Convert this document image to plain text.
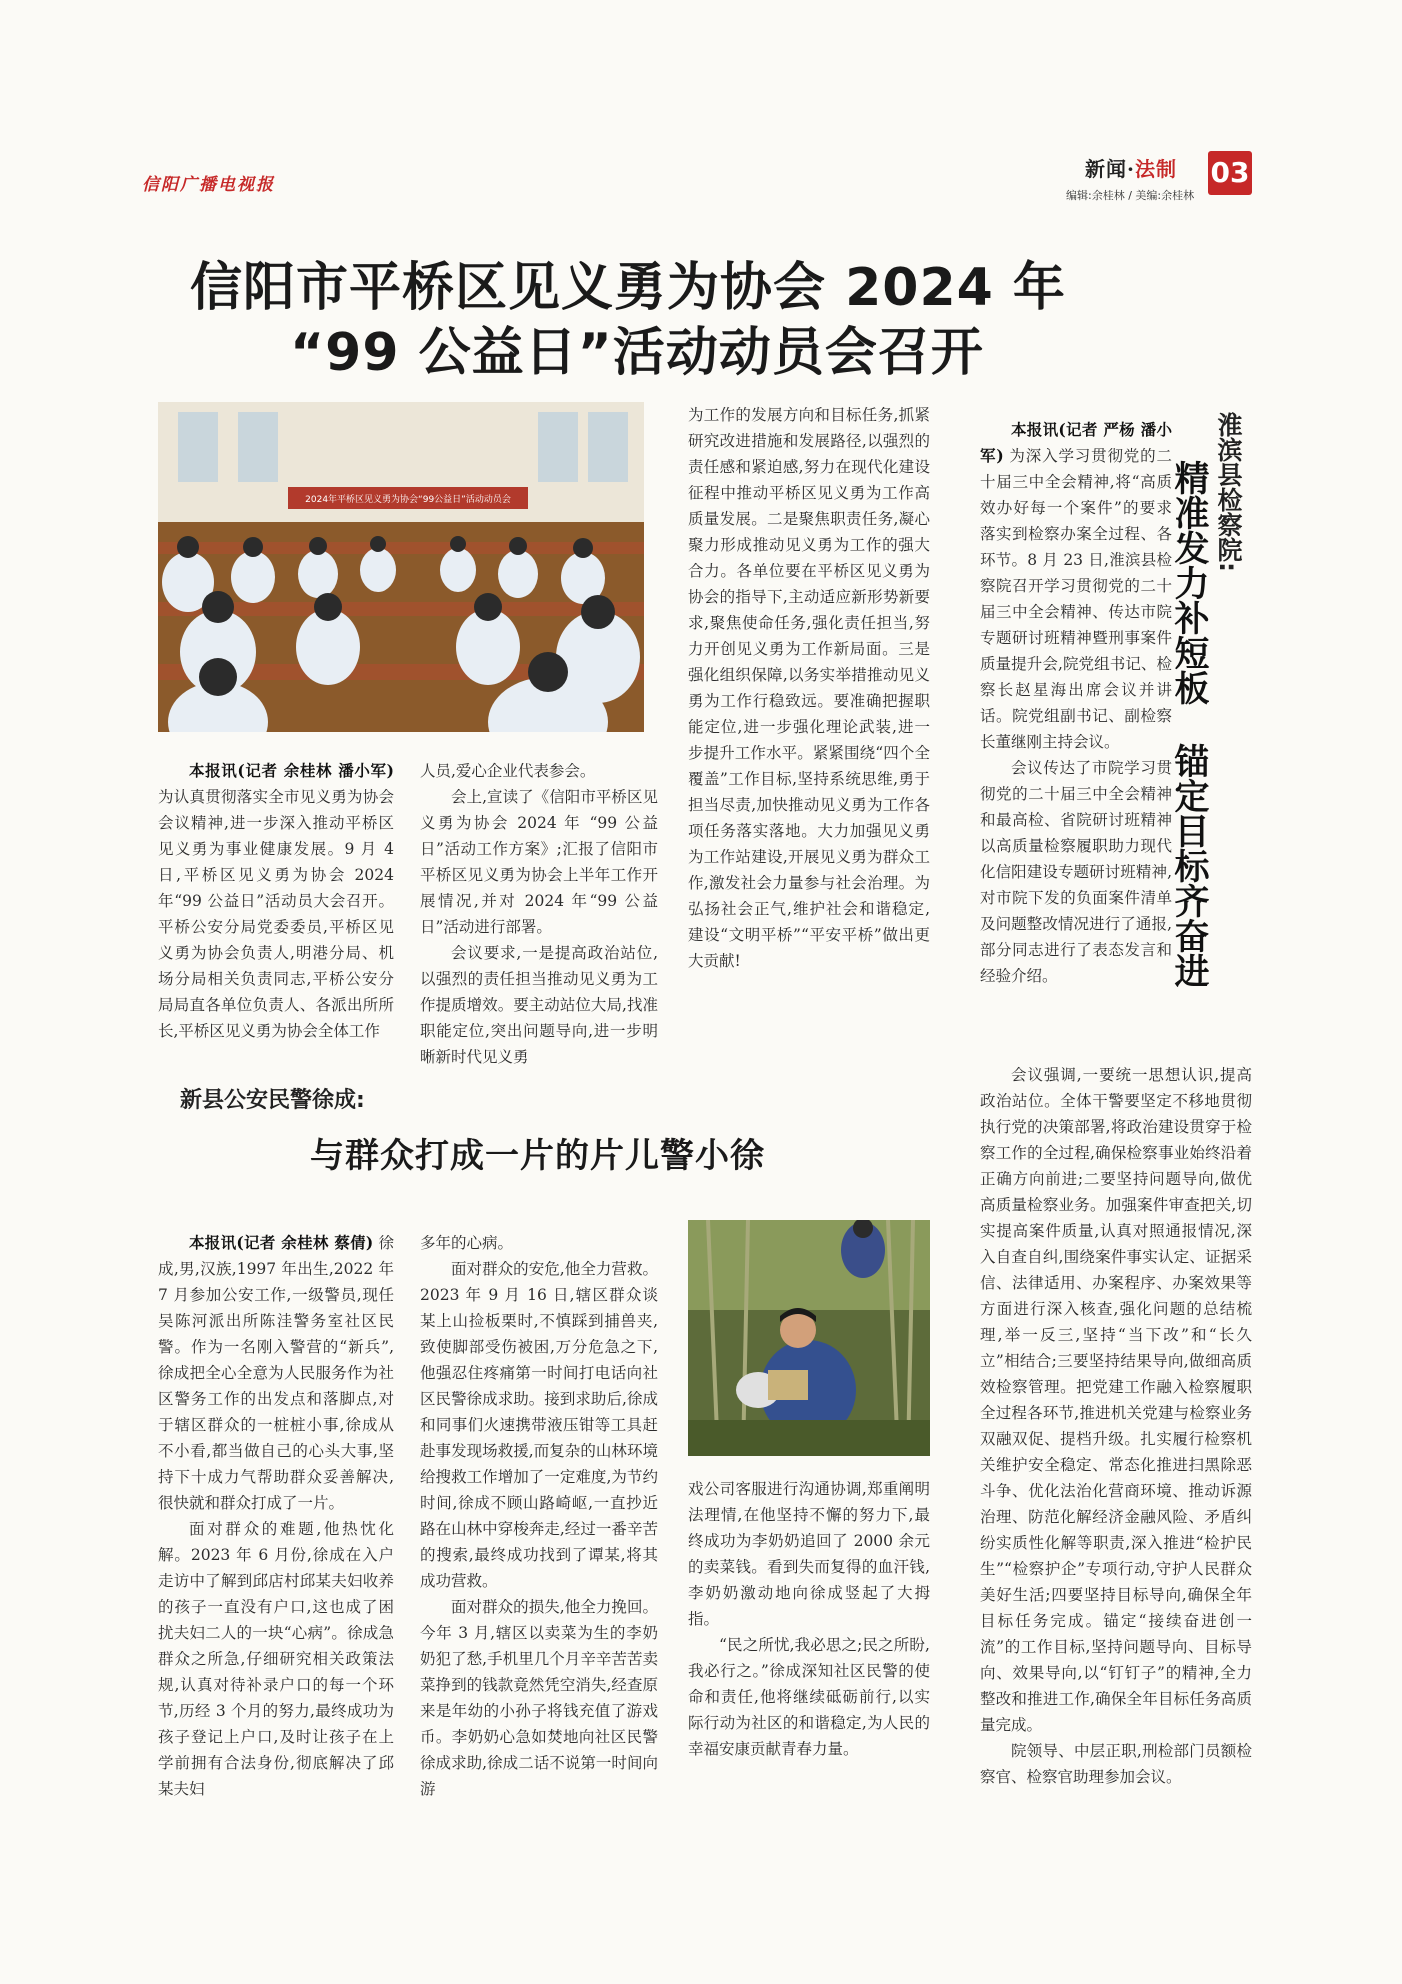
信阳广播电视报
新闻·法制 03
编辑:余桂林 / 美编:余桂林
信阳市平桥区见义勇为协会 2024 年
“99 公益日”活动动员会召开
2024年平桥区见义勇为协会“99公益日”活动动员会

本报讯(记者 余桂林 潘小军) 为认真贯彻落实全市见义勇为协会会议精神,进一步深入推动平桥区见义勇为事业健康发展。9 月 4 日,平桥区见义勇为协会 2024 年“99 公益日”活动员大会召开。平桥公安分局党委委员,平桥区见义勇为协会负责人,明港分局、机场分局相关负责同志,平桥公安分局局直各单位负责人、各派出所所长,平桥区见义勇为协会全体工作

人员,爱心企业代表参会。

会上,宣读了《信阳市平桥区见义勇为协会 2024 年 “99 公益日”活动工作方案》;汇报了信阳市平桥区见义勇为协会上半年工作开展情况,并对 2024 年“99 公益日”活动进行部署。

会议要求,一是提高政治站位,以强烈的责任担当推动见义勇为工作提质增效。要主动站位大局,找准职能定位,突出问题导向,进一步明晰新时代见义勇

为工作的发展方向和目标任务,抓紧研究改进措施和发展路径,以强烈的责任感和紧迫感,努力在现代化建设征程中推动平桥区见义勇为工作高质量发展。二是聚焦职责任务,凝心聚力形成推动见义勇为工作的强大合力。各单位要在平桥区见义勇为协会的指导下,主动适应新形势新要求,聚焦使命任务,强化责任担当,努力开创见义勇为工作新局面。三是强化组织保障,以务实举措推动见义勇为工作行稳致远。要准确把握职能定位,进一步强化理论武装,进一步提升工作水平。紧紧围绕“四个全覆盖”工作目标,坚持系统思维,勇于担当尽责,加快推动见义勇为工作各项任务落实落地。大力加强见义勇为工作站建设,开展见义勇为群众工作,激发社会力量参与社会治理。为弘扬社会正气,维护社会和谐稳定,建设“文明平桥”“平安平桥”做出更大贡献!

新县公安民警徐成:
与群众打成一片的片儿警小徐

本报讯(记者 余桂林 蔡倩) 徐成,男,汉族,1997 年出生,2022 年 7 月参加公安工作,一级警员,现任吴陈河派出所陈洼警务室社区民警。作为一名刚入警营的“新兵”,徐成把全心全意为人民服务作为社区警务工作的出发点和落脚点,对于辖区群众的一桩桩小事,徐成从不小看,都当做自己的心头大事,坚持下十成力气帮助群众妥善解决,很快就和群众打成了一片。

面对群众的难题,他热忱化解。2023 年 6 月份,徐成在入户走访中了解到邱店村邱某夫妇收养的孩子一直没有户口,这也成了困扰夫妇二人的一块“心病”。徐成急群众之所急,仔细研究相关政策法规,认真对待补录户口的每一个环节,历经 3 个月的努力,最终成功为孩子登记上户口,及时让孩子在上学前拥有合法身份,彻底解决了邱某夫妇

多年的心病。

面对群众的安危,他全力营救。2023 年 9 月 16 日,辖区群众谈某上山捡板栗时,不慎踩到捕兽夹,致使脚部受伤被困,万分危急之下,他强忍住疼痛第一时间打电话向社区民警徐成求助。接到求助后,徐成和同事们火速携带液压钳等工具赶赴事发现场救援,而复杂的山林环境给搜救工作增加了一定难度,为节约时间,徐成不顾山路崎岖,一直抄近路在山林中穿梭奔走,经过一番辛苦的搜索,最终成功找到了谭某,将其成功营救。

面对群众的损失,他全力挽回。今年 3 月,辖区以卖菜为生的李奶奶犯了愁,手机里几个月辛辛苦苦卖菜挣到的钱款竟然凭空消失,经查原来是年幼的小孙子将钱充值了游戏币。李奶奶心急如焚地向社区民警徐成求助,徐成二话不说第一时间向游

戏公司客服进行沟通协调,郑重阐明法理情,在他坚持不懈的努力下,最终成功为李奶奶追回了 2000 余元的卖菜钱。看到失而复得的血汗钱,李奶奶激动地向徐成竖起了大拇指。

“民之所忧,我必思之;民之所盼,我必行之。”徐成深知社区民警的使命和责任,他将继续砥砺前行,以实际行动为社区的和谐稳定,为人民的幸福安康贡献青春力量。

淮滨县检察院:
精准发力补短板  锚定目标齐奋进

本报讯(记者 严杨 潘小军) 为深入学习贯彻党的二十届三中全会精神,将“高质效办好每一个案件”的要求落实到检察办案全过程、各环节。8 月 23 日,淮滨县检察院召开学习贯彻党的二十届三中全会精神、传达市院专题研讨班精神暨刑事案件质量提升会,院党组书记、检察长赵星海出席会议并讲话。院党组副书记、副检察长董继刚主持会议。

会议传达了市院学习贯彻党的二十届三中全会精神和最高检、省院研讨班精神以高质量检察履职助力现代化信阳建设专题研讨班精神,对市院下发的负面案件清单及问题整改情况进行了通报,部分同志进行了表态发言和经验介绍。

会议强调,一要统一思想认识,提高政治站位。全体干警要坚定不移地贯彻执行党的决策部署,将政治建设贯穿于检察工作的全过程,确保检察事业始终沿着正确方向前进;二要坚持问题导向,做优高质量检察业务。加强案件审查把关,切实提高案件质量,认真对照通报情况,深入自查自纠,围绕案件事实认定、证据采信、法律适用、办案程序、办案效果等方面进行深入核查,强化问题的总结梳理,举一反三,坚持“当下改”和“长久立”相结合;三要坚持结果导向,做细高质效检察管理。把党建工作融入检察履职全过程各环节,推进机关党建与检察业务双融双促、提档升级。扎实履行检察机关维护安全稳定、常态化推进扫黑除恶斗争、优化法治化营商环境、推动诉源治理、防范化解经济金融风险、矛盾纠纷实质性化解等职责,深入推进“检护民生”“检察护企”专项行动,守护人民群众美好生活;四要坚持目标导向,确保全年目标任务完成。锚定“接续奋进创一流”的工作目标,坚持问题导向、目标导向、效果导向,以“钉钉子”的精神,全力整改和推进工作,确保全年目标任务高质量完成。

院领导、中层正职,刑检部门员额检察官、检察官助理参加会议。
